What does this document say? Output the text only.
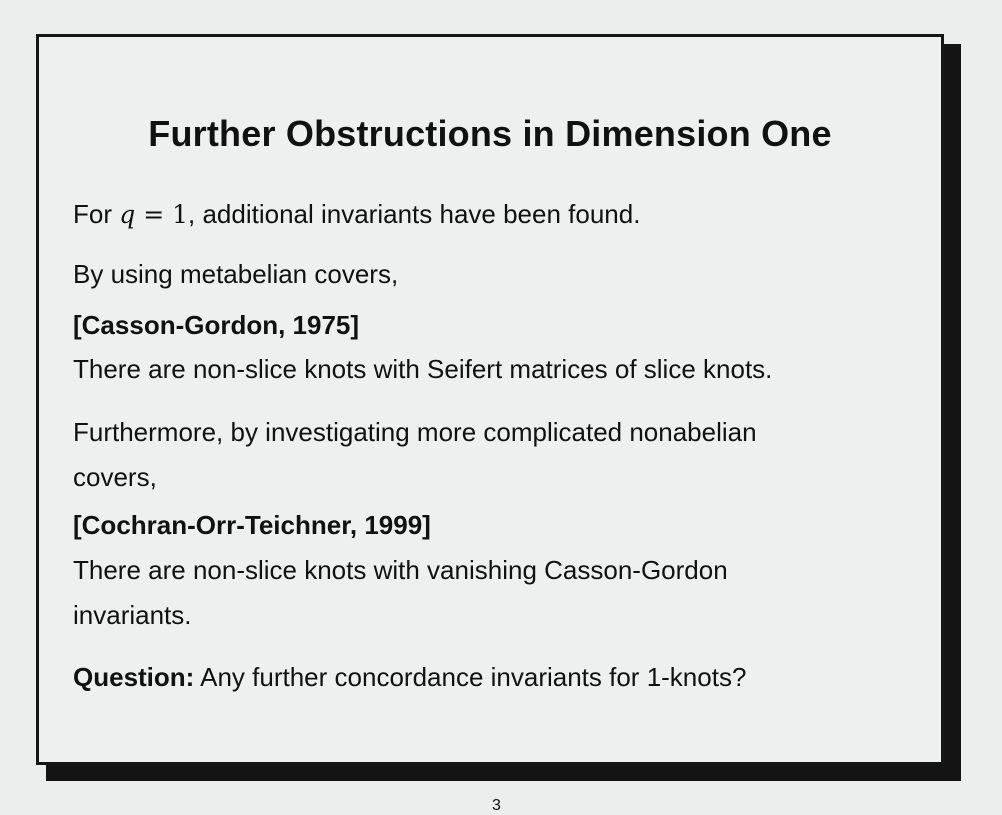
Further Obstructions in Dimension One

For q = 1, additional invariants have been found.

By using metabelian covers,

[Casson-Gordon, 1975]

There are non-slice knots with Seifert matrices of slice knots.

Furthermore, by investigating more complicated nonabelian

covers,

[Cochran-Orr-Teichner, 1999]

There are non-slice knots with vanishing Casson-Gordon

invariants.

Question: Any further concordance invariants for 1-knots?

3
